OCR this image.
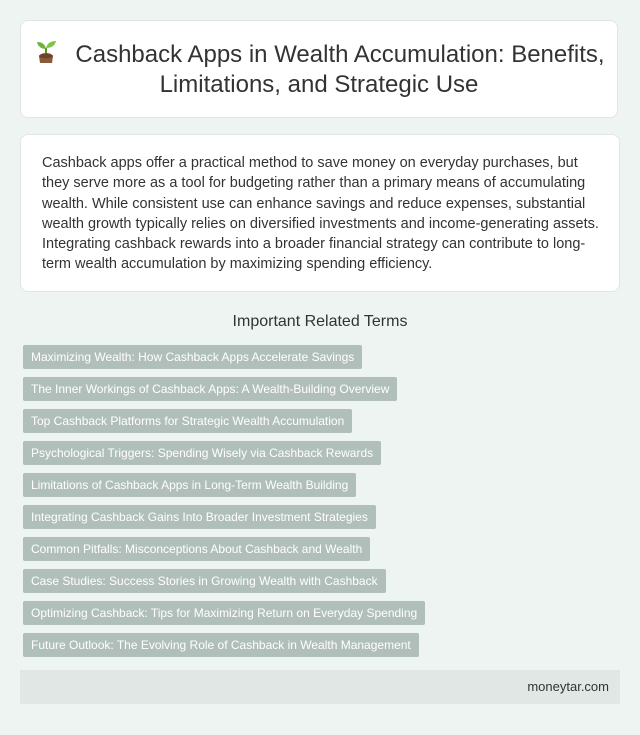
Cashback Apps in Wealth Accumulation: Benefits, Limitations, and Strategic Use

Cashback apps offer a practical method to save money on everyday purchases, but they serve more as a tool for budgeting rather than a primary means of accumulating wealth. While consistent use can enhance savings and reduce expenses, substantial wealth growth typically relies on diversified investments and income-generating assets. Integrating cashback rewards into a broader financial strategy can contribute to long-term wealth accumulation by maximizing spending efficiency.

Important Related Terms
Maximizing Wealth: How Cashback Apps Accelerate Savings
The Inner Workings of Cashback Apps: A Wealth-Building Overview
Top Cashback Platforms for Strategic Wealth Accumulation
Psychological Triggers: Spending Wisely via Cashback Rewards
Limitations of Cashback Apps in Long-Term Wealth Building
Integrating Cashback Gains Into Broader Investment Strategies
Common Pitfalls: Misconceptions About Cashback and Wealth
Case Studies: Success Stories in Growing Wealth with Cashback
Optimizing Cashback: Tips for Maximizing Return on Everyday Spending
Future Outlook: The Evolving Role of Cashback in Wealth Management
moneytar.com
